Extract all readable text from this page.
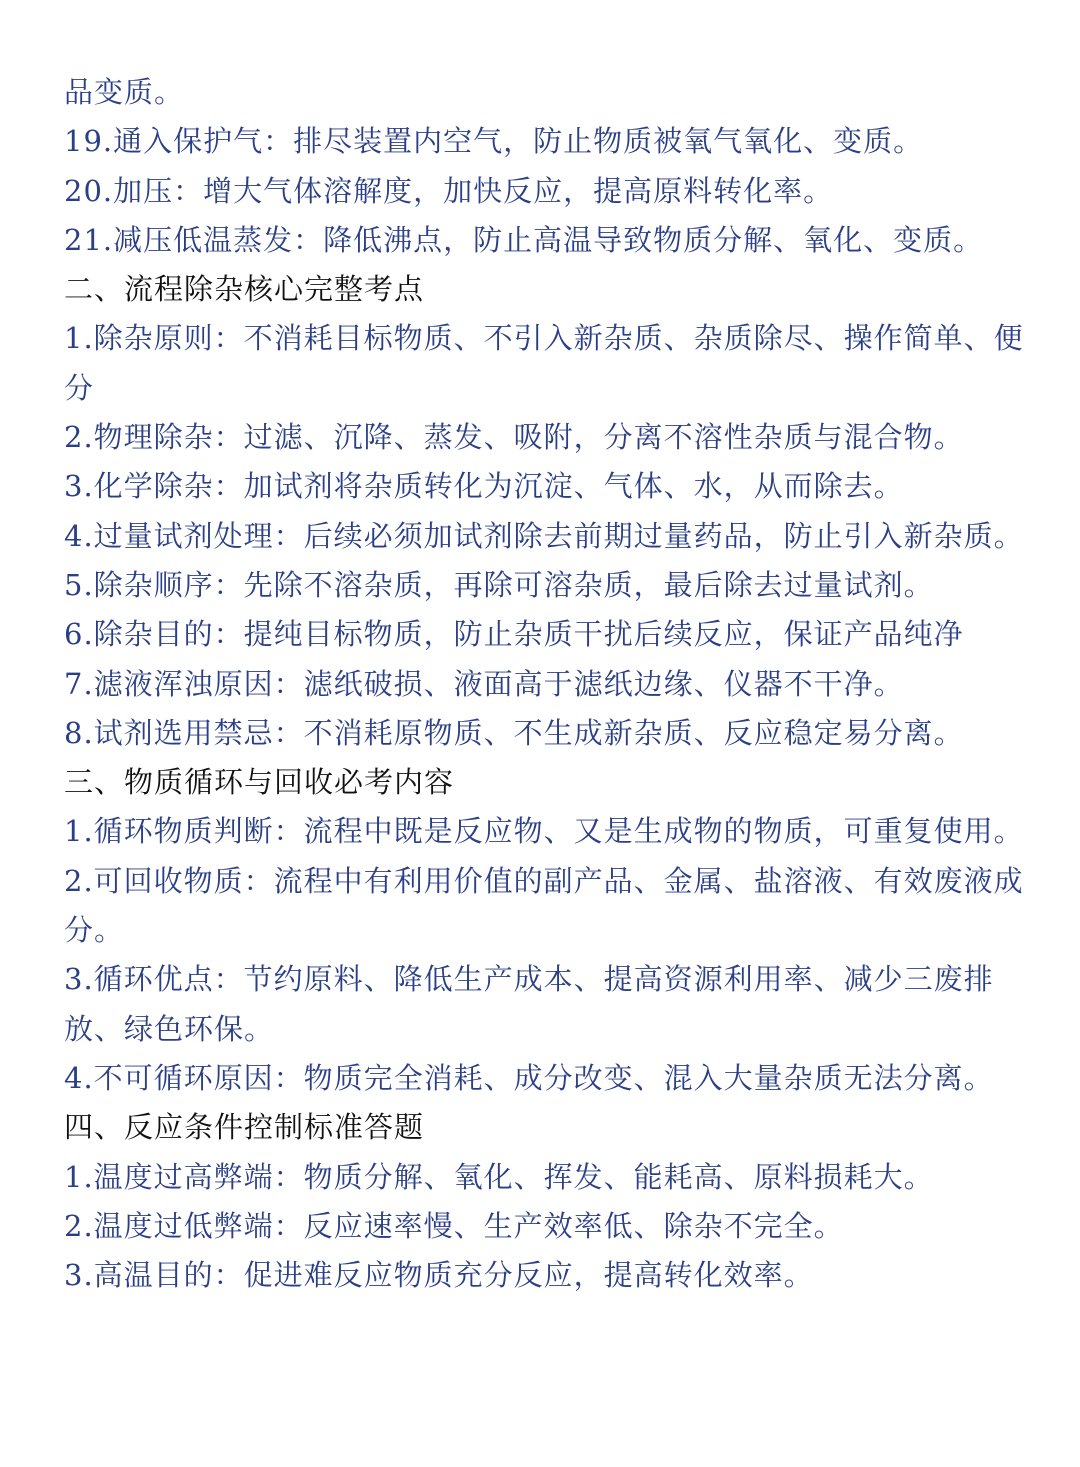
品变质。
19.通入保护气：排尽装置内空气，防止物质被氧气氧化、变质。
20.加压：增大气体溶解度，加快反应，提高原料转化率。
21.减压低温蒸发：降低沸点，防止高温导致物质分解、氧化、变质。
二、流程除杂核心完整考点
1.除杂原则：不消耗目标物质、不引入新杂质、杂质除尽、操作简单、便分
2.物理除杂：过滤、沉降、蒸发、吸附，分离不溶性杂质与混合物。
3.化学除杂：加试剂将杂质转化为沉淀、气体、水，从而除去。
4.过量试剂处理：后续必须加试剂除去前期过量药品，防止引入新杂质。
5.除杂顺序：先除不溶杂质，再除可溶杂质，最后除去过量试剂。
6.除杂目的：提纯目标物质，防止杂质干扰后续反应，保证产品纯净
7.滤液浑浊原因：滤纸破损、液面高于滤纸边缘、仪器不干净。
8.试剂选用禁忌：不消耗原物质、不生成新杂质、反应稳定易分离。
三、物质循环与回收必考内容
1.循环物质判断：流程中既是反应物、又是生成物的物质，可重复使用。
2.可回收物质：流程中有利用价值的副产品、金属、盐溶液、有效废液成分。
3.循环优点：节约原料、降低生产成本、提高资源利用率、减少三废排放、绿色环保。
4.不可循环原因：物质完全消耗、成分改变、混入大量杂质无法分离。
四、反应条件控制标准答题
1.温度过高弊端：物质分解、氧化、挥发、能耗高、原料损耗大。
2.温度过低弊端：反应速率慢、生产效率低、除杂不完全。
3.高温目的：促进难反应物质充分反应，提高转化效率。
